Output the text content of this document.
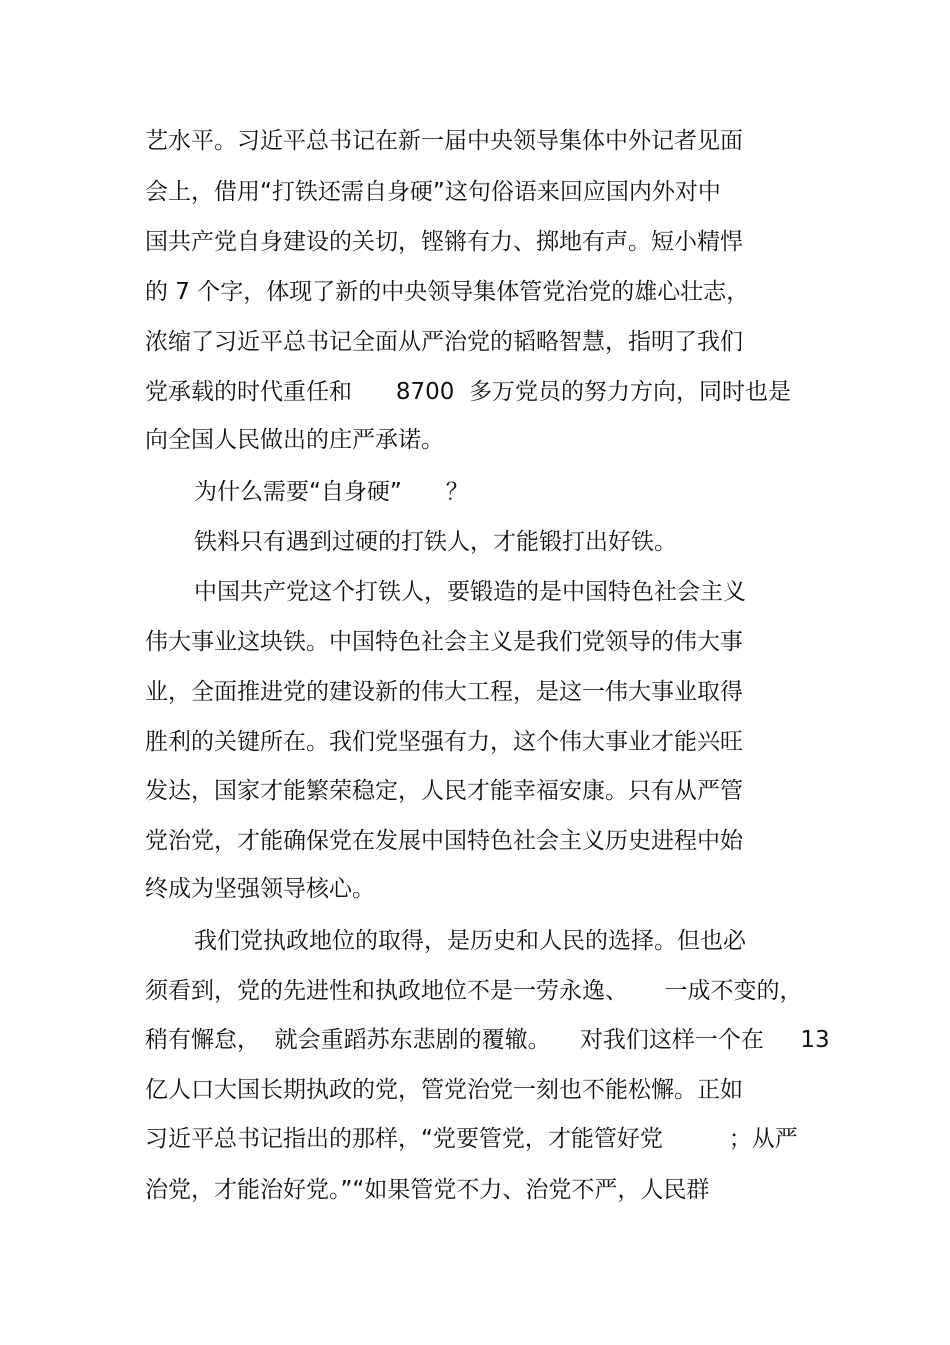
艺水平。习近平总书记在新一届中央领导集体中外记者见面

会上，借用“打铁还需自身硬”这句俗语来回应国内外对中

国共产党自身建设的关切，铿锵有力、掷地有声。短小精悍

的 7 个字，体现了新的中央领导集体管党治党的雄心壮志，

浓缩了习近平总书记全面从严治党的韬略智慧，指明了我们

党承载的时代重任和      8700  多万党员的努力方向，同时也是

向全国人民做出的庄严承诺。

为什么需要“自身硬”      ？

铁料只有遇到过硬的打铁人，才能锻打出好铁。

中国共产党这个打铁人，要锻造的是中国特色社会主义

伟大事业这块铁。中国特色社会主义是我们党领导的伟大事

业，全面推进党的建设新的伟大工程，是这一伟大事业取得

胜利的关键所在。我们党坚强有力，这个伟大事业才能兴旺

发达，国家才能繁荣稳定，人民才能幸福安康。只有从严管

党治党，才能确保党在发展中国特色社会主义历史进程中始

终成为坚强领导核心。

我们党执政地位的取得，是历史和人民的选择。但也必

须看到，党的先进性和执政地位不是一劳永逸、     一成不变的，

稍有懈怠，  就会重蹈苏东悲剧的覆辙。    对我们这样一个在     13

亿人口大国长期执政的党，管党治党一刻也不能松懈。正如

习近平总书记指出的那样，“党要管党，才能管好党         ；从严

治党，才能治好党。”“如果管党不力、治党不严，人民群
